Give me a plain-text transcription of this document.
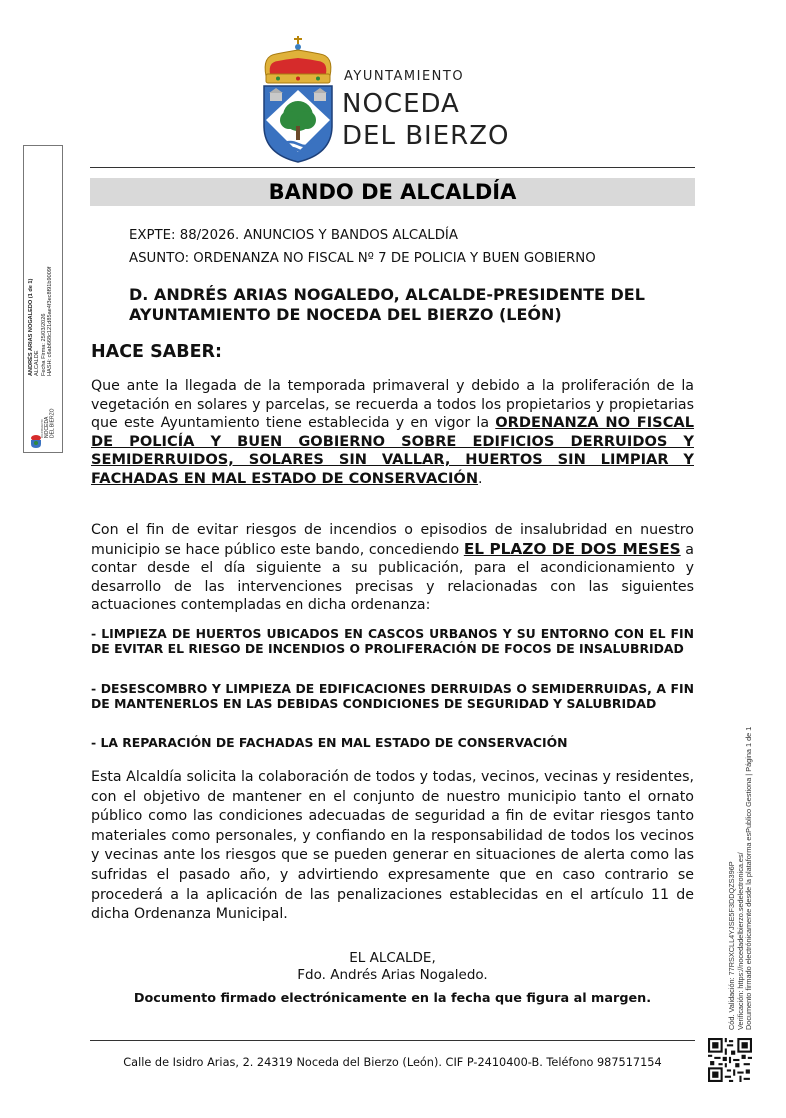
AYUNTAMIENTO
NOCEDA
DEL BIERZO
BANDO DE ALCALDÍA
EXPTE: 88/2026. ANUNCIOS Y BANDOS ALCALDÍA
ASUNTO: ORDENANZA NO FISCAL Nº 7 DE POLICIA Y BUEN GOBIERNO
D. ANDRÉS ARIAS NOGALEDO, ALCALDE-PRESIDENTE DEL AYUNTAMIENTO DE NOCEDA DEL BIERZO (LEÓN)
HACE SABER:
Que ante la llegada de la temporada primaveral y debido a la proliferación de la vegetación en solares y parcelas, se recuerda a todos los propietarios y propietarias que este Ayuntamiento tiene establecida y en vigor la ORDENANZA NO FISCAL DE POLICÍA Y BUEN GOBIERNO SOBRE EDIFICIOS DERRUIDOS Y SEMIDERRUIDOS, SOLARES SIN VALLAR, HUERTOS SIN LIMPIAR Y FACHADAS EN MAL ESTADO DE CONSERVACIÓN.
Con el fin de evitar riesgos de incendios o episodios de insalubridad en nuestro municipio se hace público este bando, concediendo EL PLAZO DE DOS MESES a contar desde el día siguiente a su publicación, para el acondicionamiento y desarrollo de las intervenciones precisas y relacionadas con las siguientes actuaciones contempladas en dicha ordenanza:
- LIMPIEZA DE HUERTOS UBICADOS EN CASCOS URBANOS Y SU ENTORNO CON EL FIN DE EVITAR EL RIESGO DE INCENDIOS O PROLIFERACIÓN DE FOCOS DE INSALUBRIDAD
- DESESCOMBRO Y LIMPIEZA DE EDIFICACIONES DERRUIDAS O SEMIDERRUIDAS, A FIN DE MANTENERLOS EN LAS DEBIDAS CONDICIONES DE SEGURIDAD Y SALUBRIDAD
- LA REPARACIÓN DE FACHADAS EN MAL ESTADO DE CONSERVACIÓN
Esta Alcaldía solicita la colaboración de todos y todas, vecinos, vecinas y residentes, con el objetivo de mantener en el conjunto de nuestro municipio tanto el ornato público como las condiciones adecuadas de seguridad a fin de evitar riesgos tanto materiales como personales, y confiando en la responsabilidad de todos los vecinos y vecinas ante los riesgos que se pueden generar en situaciones de alerta como las sufridas el pasado año, y advirtiendo expresamente que en caso contrario se procederá a la aplicación de las penalizaciones establecidas en el artículo 11 de dicha Ordenanza Municipal.
EL ALCALDE,
Fdo. Andrés Arias Nogaledo.
Documento firmado electrónicamente en la fecha que figura al margen.
Calle de Isidro Arias, 2. 24319 Noceda del Bierzo (León). CIF P-2410400-B. Teléfono 987517154
ANDRÉS ARIAS NOGALEDO (1 de 1) ALCALDE Fecha Firma: 25/03/2026 HASH: c6ab668c121d85ae4f3ec8f91b9009f
AYUNTAMIENTO NOCEDA DEL BIERZO
Cód. Validación: 77RSXCLL4YJSE5F3DDQZS396P Verificación: https://nocedadelbierzo.sedelectronica.es/ Documento firmado electrónicamente desde la plataforma esPublico Gestiona | Página 1 de 1
